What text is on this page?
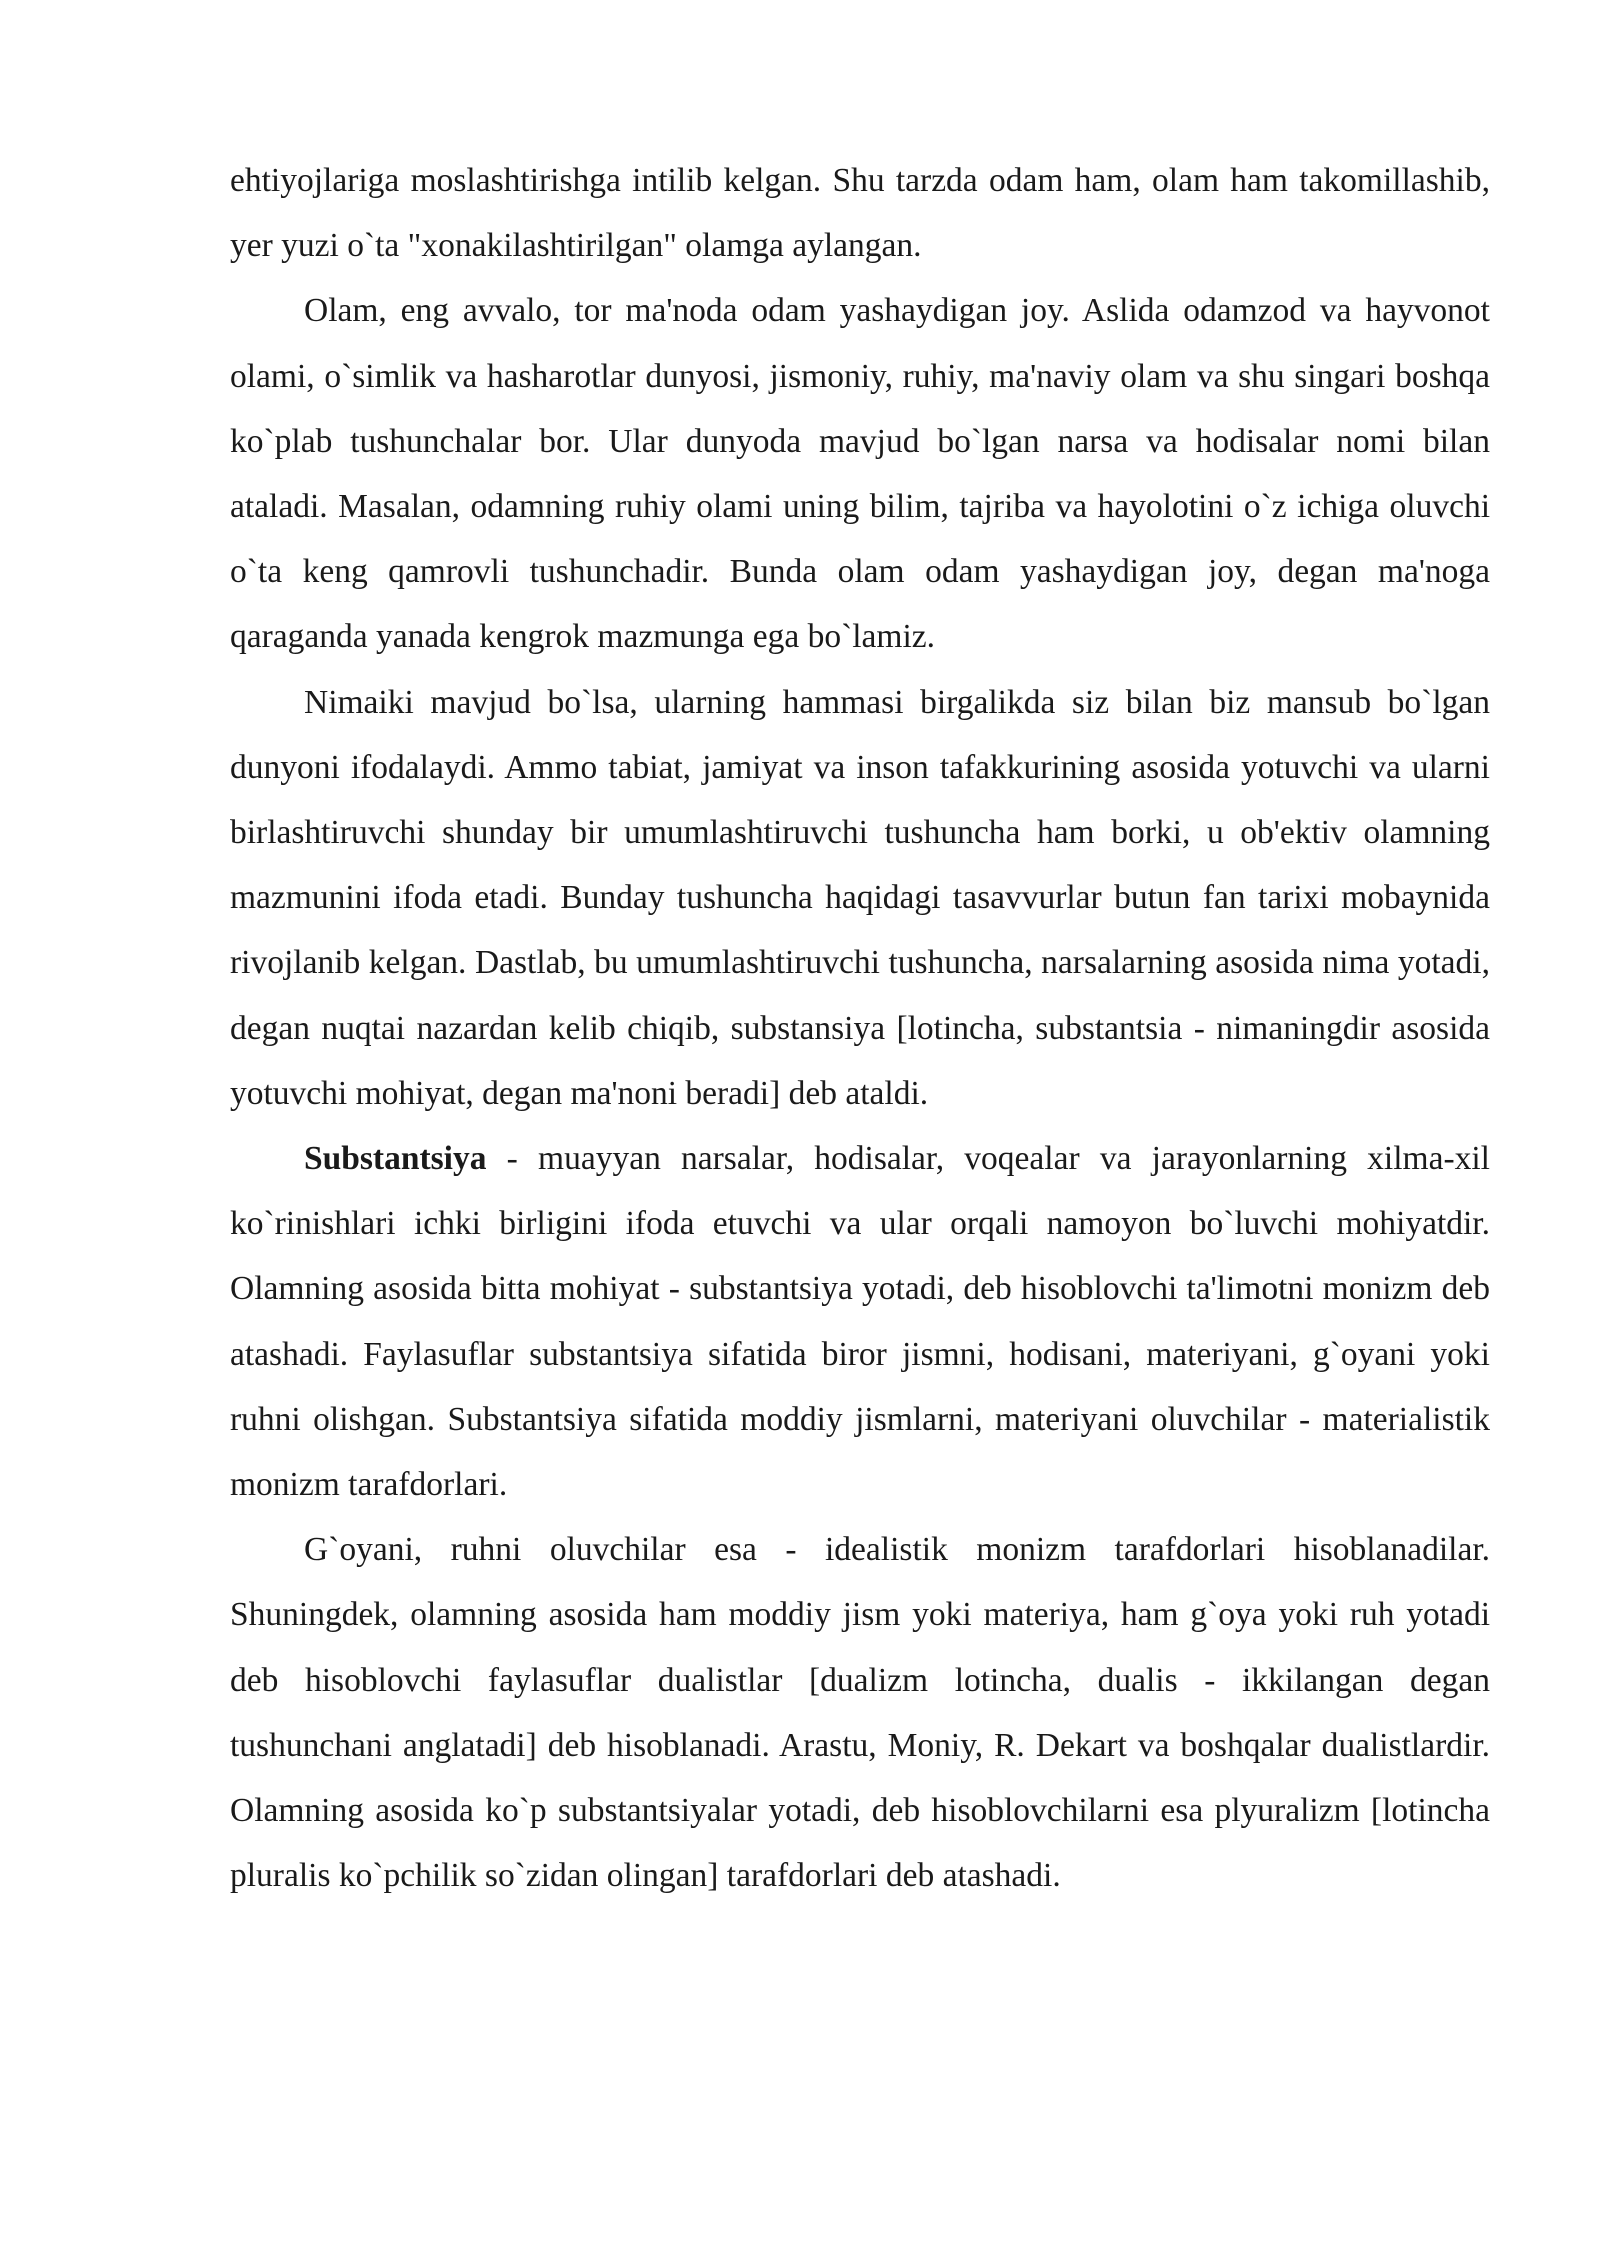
ehtiyojlariga moslashtirishga intilib kelgan. Shu tarzda odam ham, olam ham takomillashib, yer yuzi o`ta "xonakilashtirilgan" olamga aylangan.

Olam, eng avvalo, tor ma'noda odam yashaydigan joy. Aslida odamzod va hayvonot olami, o`simlik va hasharotlar dunyosi, jismoniy, ruhiy, ma'naviy olam va shu singari boshqa ko`plab tushunchalar bor. Ular dunyoda mavjud bo`lgan narsa va hodisalar nomi bilan ataladi. Masalan, odamning ruhiy olami uning bilim, tajriba va hayolotini o`z ichiga oluvchi o`ta keng qamrovli tushunchadir. Bunda olam odam yashaydigan joy, degan ma'noga qaraganda yanada kengrok mazmunga ega bo`lamiz.

Nimaiki mavjud bo`lsa, ularning hammasi birgalikda siz bilan biz mansub bo`lgan dunyoni ifodalaydi. Ammo tabiat, jamiyat va inson tafakkurining asosida yotuvchi va ularni birlashtiruvchi shunday bir umumlashtiruvchi tushuncha ham borki, u ob'ektiv olamning mazmunini ifoda etadi. Bunday tushuncha haqidagi tasavvurlar butun fan tarixi mobaynida rivojlanib kelgan. Dastlab, bu umumlashtiruvchi tushuncha, narsalarning asosida nima yotadi, degan nuqtai nazardan kelib chiqib, substansiya [lotincha, substantsia - nimaningdir asosida yotuvchi mohiyat, degan ma'noni beradi] deb ataldi.

Substantsiya - muayyan narsalar, hodisalar, voqealar va jarayonlarning xilma-xil ko`rinishlari ichki birligini ifoda etuvchi va ular orqali namoyon bo`luvchi mohiyatdir. Olamning asosida bitta mohiyat - substantsiya yotadi, deb hisoblovchi ta'limotni monizm deb atashadi. Faylasuflar substantsiya sifatida biror jismni, hodisani, materiyani, g`oyani yoki ruhni olishgan. Substantsiya sifatida moddiy jismlarni, materiyani oluvchilar - materialistik monizm tarafdorlari.

G`oyani, ruhni oluvchilar esa - idealistik monizm tarafdorlari hisoblanadilar. Shuningdek, olamning asosida ham moddiy jism yoki materiya, ham g`oya yoki ruh yotadi deb hisoblovchi faylasuflar dualistlar [dualizm lotincha, dualis - ikkilangan degan tushunchani anglatadi] deb hisoblanadi. Arastu, Moniy, R. Dekart va boshqalar dualistlardir. Olamning asosida ko`p substantsiyalar yotadi, deb hisoblovchilarni esa plyuralizm [lotincha pluralis ko`pchilik so`zidan olingan] tarafdorlari deb atashadi.
